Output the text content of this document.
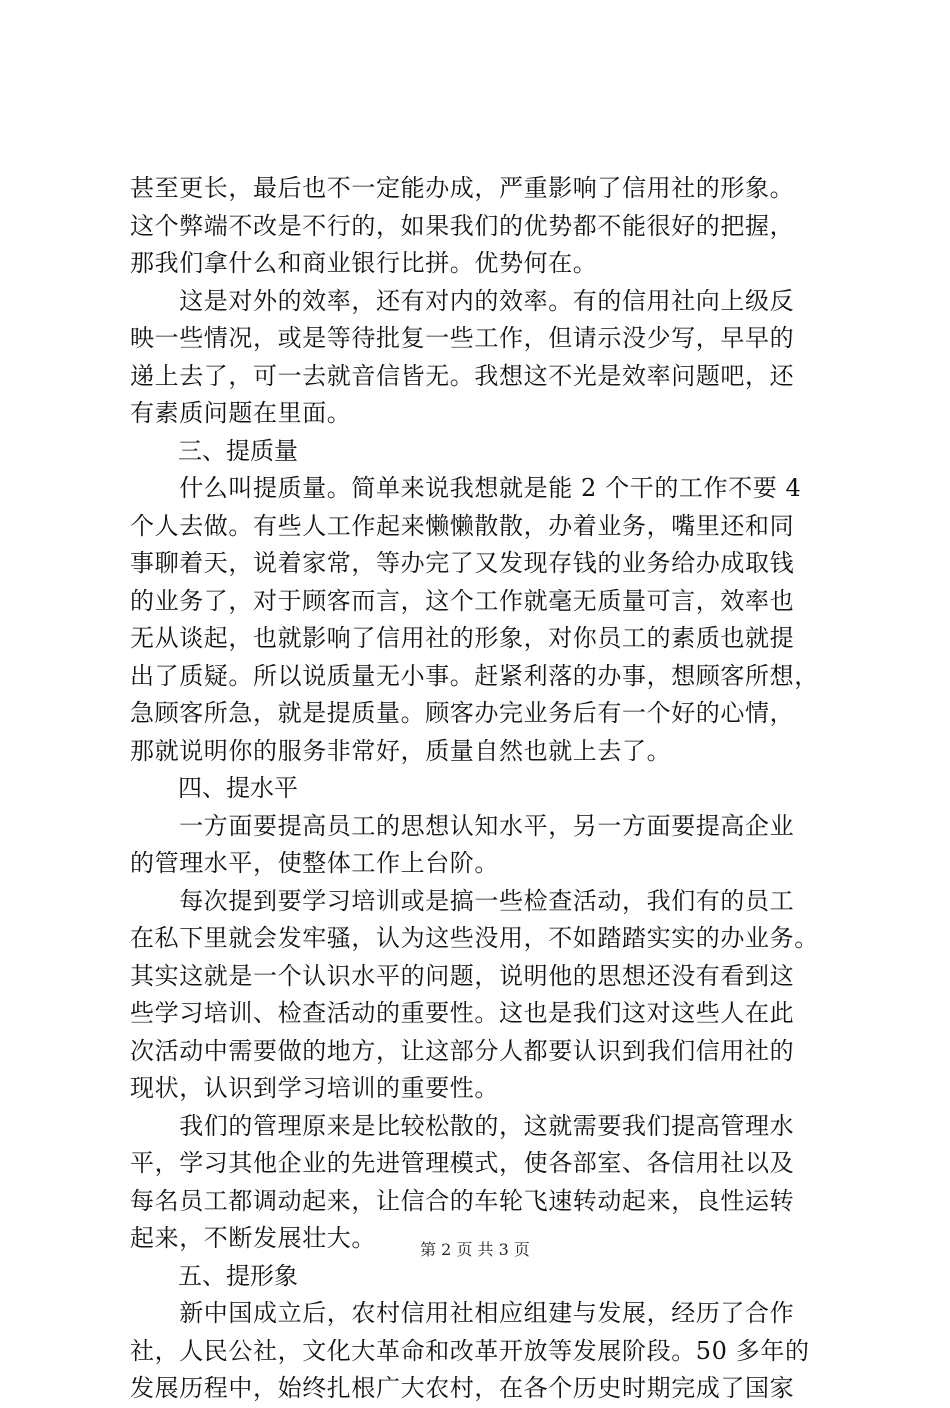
甚至更长，最后也不一定能办成，严重影响了信用社的形象。
这个弊端不改是不行的，如果我们的优势都不能很好的把握，
那我们拿什么和商业银行比拼。优势何在。
　　这是对外的效率，还有对内的效率。有的信用社向上级反
映一些情况，或是等待批复一些工作，但请示没少写，早早的
递上去了，可一去就音信皆无。我想这不光是效率问题吧，还
有素质问题在里面。
三、提质量
　　什么叫提质量。简单来说我想就是能 2 个干的工作不要 4
个人去做。有些人工作起来懒懒散散，办着业务，嘴里还和同
事聊着天，说着家常，等办完了又发现存钱的业务给办成取钱
的业务了，对于顾客而言，这个工作就毫无质量可言，效率也
无从谈起，也就影响了信用社的形象，对你员工的素质也就提
出了质疑。所以说质量无小事。赶紧利落的办事，想顾客所想，
急顾客所急，就是提质量。顾客办完业务后有一个好的心情，
那就说明你的服务非常好，质量自然也就上去了。
四、提水平
　　一方面要提高员工的思想认知水平，另一方面要提高企业
的管理水平，使整体工作上台阶。
　　每次提到要学习培训或是搞一些检查活动，我们有的员工
在私下里就会发牢骚，认为这些没用，不如踏踏实实的办业务。
其实这就是一个认识水平的问题，说明他的思想还没有看到这
些学习培训、检查活动的重要性。这也是我们这对这些人在此
次活动中需要做的地方，让这部分人都要认识到我们信用社的
现状，认识到学习培训的重要性。
　　我们的管理原来是比较松散的，这就需要我们提高管理水
平，学习其他企业的先进管理模式，使各部室、各信用社以及
每名员工都调动起来，让信合的车轮飞速转动起来，良性运转
起来，不断发展壮大。
五、提形象
　　新中国成立后，农村信用社相应组建与发展，经历了合作
社，人民公社，文化大革命和改革开放等发展阶段。50 多年的
发展历程中，始终扎根广大农村，在各个历史时期完成了国家
第 2 页 共 3 页
